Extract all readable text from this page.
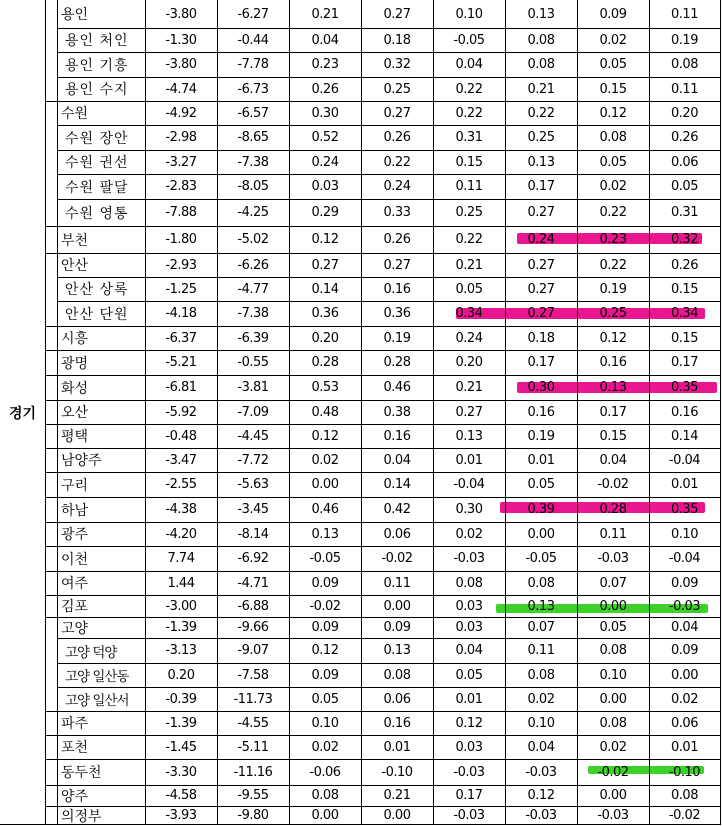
용인	-3.80	-6.27	0.21	0.27	0.10	0.13	0.09	0.11
용인 처인	-1.30	-0.44	0.04	0.18	-0.05	0.08	0.02	0.19
용인 기흥	-3.80	-7.78	0.23	0.32	0.04	0.08	0.05	0.08
용인 수지	-4.74	-6.73	0.26	0.25	0.22	0.21	0.15	0.11
수원	-4.92	-6.57	0.30	0.27	0.22	0.22	0.12	0.20
수원 장안	-2.98	-8.65	0.52	0.26	0.31	0.25	0.08	0.26
수원 권선	-3.27	-7.38	0.24	0.22	0.15	0.13	0.05	0.06
수원 팔달	-2.83	-8.05	0.03	0.24	0.11	0.17	0.02	0.05
수원 영통	-7.88	-4.25	0.29	0.33	0.25	0.27	0.22	0.31
부천	-1.80	-5.02	0.12	0.26	0.22	0.24	0.23	0.32
안산	-2.93	-6.26	0.27	0.27	0.21	0.27	0.22	0.26
안산 상록	-1.25	-4.77	0.14	0.16	0.05	0.27	0.19	0.15
안산 단원	-4.18	-7.38	0.36	0.36	0.34	0.27	0.25	0.34
시흥	-6.37	-6.39	0.20	0.19	0.24	0.18	0.12	0.15
광명	-5.21	-0.55	0.28	0.28	0.20	0.17	0.16	0.17
화성	-6.81	-3.81	0.53	0.46	0.21	0.30	0.13	0.35
오산	-5.92	-7.09	0.48	0.38	0.27	0.16	0.17	0.16
평택	-0.48	-4.45	0.12	0.16	0.13	0.19	0.15	0.14
남양주	-3.47	-7.72	0.02	0.04	0.01	0.01	0.04	-0.04
구리	-2.55	-5.63	0.00	0.14	-0.04	0.05	-0.02	0.01
하남	-4.38	-3.45	0.46	0.42	0.30	0.39	0.28	0.35
광주	-4.20	-8.14	0.13	0.06	0.02	0.00	0.11	0.10
이천	7.74	-6.92	-0.05	-0.02	-0.03	-0.05	-0.03	-0.04
여주	1.44	-4.71	0.09	0.11	0.08	0.08	0.07	0.09
김포	-3.00	-6.88	-0.02	0.00	0.03	0.13	0.00	-0.03
고양	-1.39	-9.66	0.09	0.09	0.03	0.07	0.05	0.04
고양 덕양	-3.13	-9.07	0.12	0.13	0.04	0.11	0.08	0.09
고양 일산동	0.20	-7.58	0.09	0.08	0.05	0.08	0.10	0.00
고양 일산서	-0.39	-11.73	0.05	0.06	0.01	0.02	0.00	0.02
파주	-1.39	-4.55	0.10	0.16	0.12	0.10	0.08	0.06
포천	-1.45	-5.11	0.02	0.01	0.03	0.04	0.02	0.01
동두천	-3.30	-11.16	-0.06	-0.10	-0.03	-0.03	-0.02	-0.10
양주	-4.58	-9.55	0.08	0.21	0.17	0.12	0.00	0.08
의정부	-3.93	-9.80	0.00	0.00	-0.03	-0.03	-0.03	-0.02
경기
